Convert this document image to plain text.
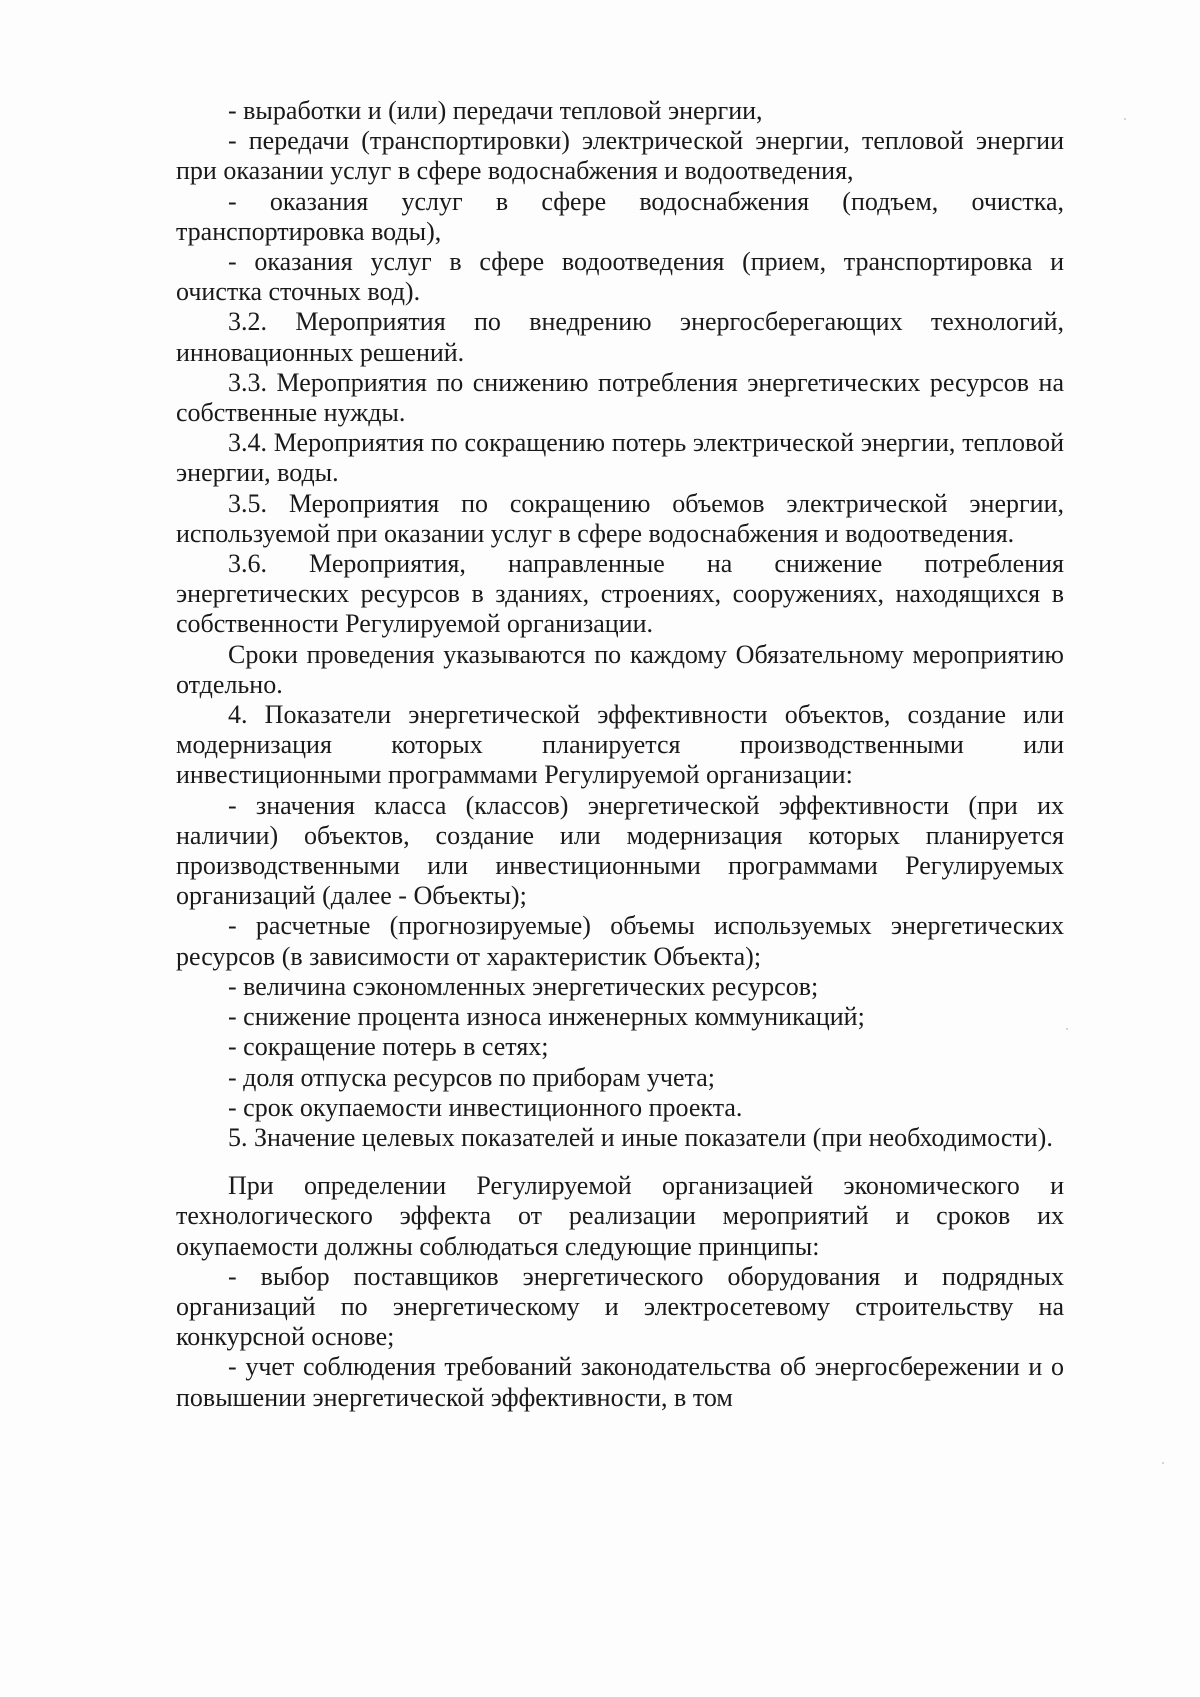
- выработки и (или) передачи тепловой энергии,

- передачи (транспортировки) электрической энергии, тепловой энергии при оказании услуг в сфере водоснабжения и водоотведения,

- оказания услуг в сфере водоснабжения (подъем, очистка, транспортировка воды),

- оказания услуг в сфере водоотведения (прием, транспортировка и очистка сточных вод).

3.2. Мероприятия по внедрению энергосберегающих технологий, инновационных решений.

3.3. Мероприятия по снижению потребления энергетических ресурсов на собственные нужды.

3.4. Мероприятия по сокращению потерь электрической энергии, тепловой энергии, воды.

3.5. Мероприятия по сокращению объемов электрической энергии, используемой при оказании услуг в сфере водоснабжения и водоотведения.

3.6. Мероприятия, направленные на снижение потребления энергетических ресурсов в зданиях, строениях, сооружениях, находящихся в собственности Регулируемой организации.

Сроки проведения указываются по каждому Обязательному мероприятию отдельно.

4. Показатели энергетической эффективности объектов, создание или модернизация которых планируется производственными или инвестиционными программами Регулируемой организации:

- значения класса (классов) энергетической эффективности (при их наличии) объектов, создание или модернизация которых планируется производственными или инвестиционными программами Регулируемых организаций (далее - Объекты);

- расчетные (прогнозируемые) объемы используемых энергетических ресурсов (в зависимости от характеристик Объекта);

- величина сэкономленных энергетических ресурсов;

- снижение процента износа инженерных коммуникаций;

- сокращение потерь в сетях;

- доля отпуска ресурсов по приборам учета;

- срок окупаемости инвестиционного проекта.

5. Значение целевых показателей и иные показатели (при необходимости).

При определении Регулируемой организацией экономического и технологического эффекта от реализации мероприятий и сроков их окупаемости должны соблюдаться следующие принципы:

- выбор поставщиков энергетического оборудования и подрядных организаций по энергетическому и электросетевому строительству на конкурсной основе;

- учет соблюдения требований законодательства об энергосбережении и о повышении энергетической эффективности, в том
